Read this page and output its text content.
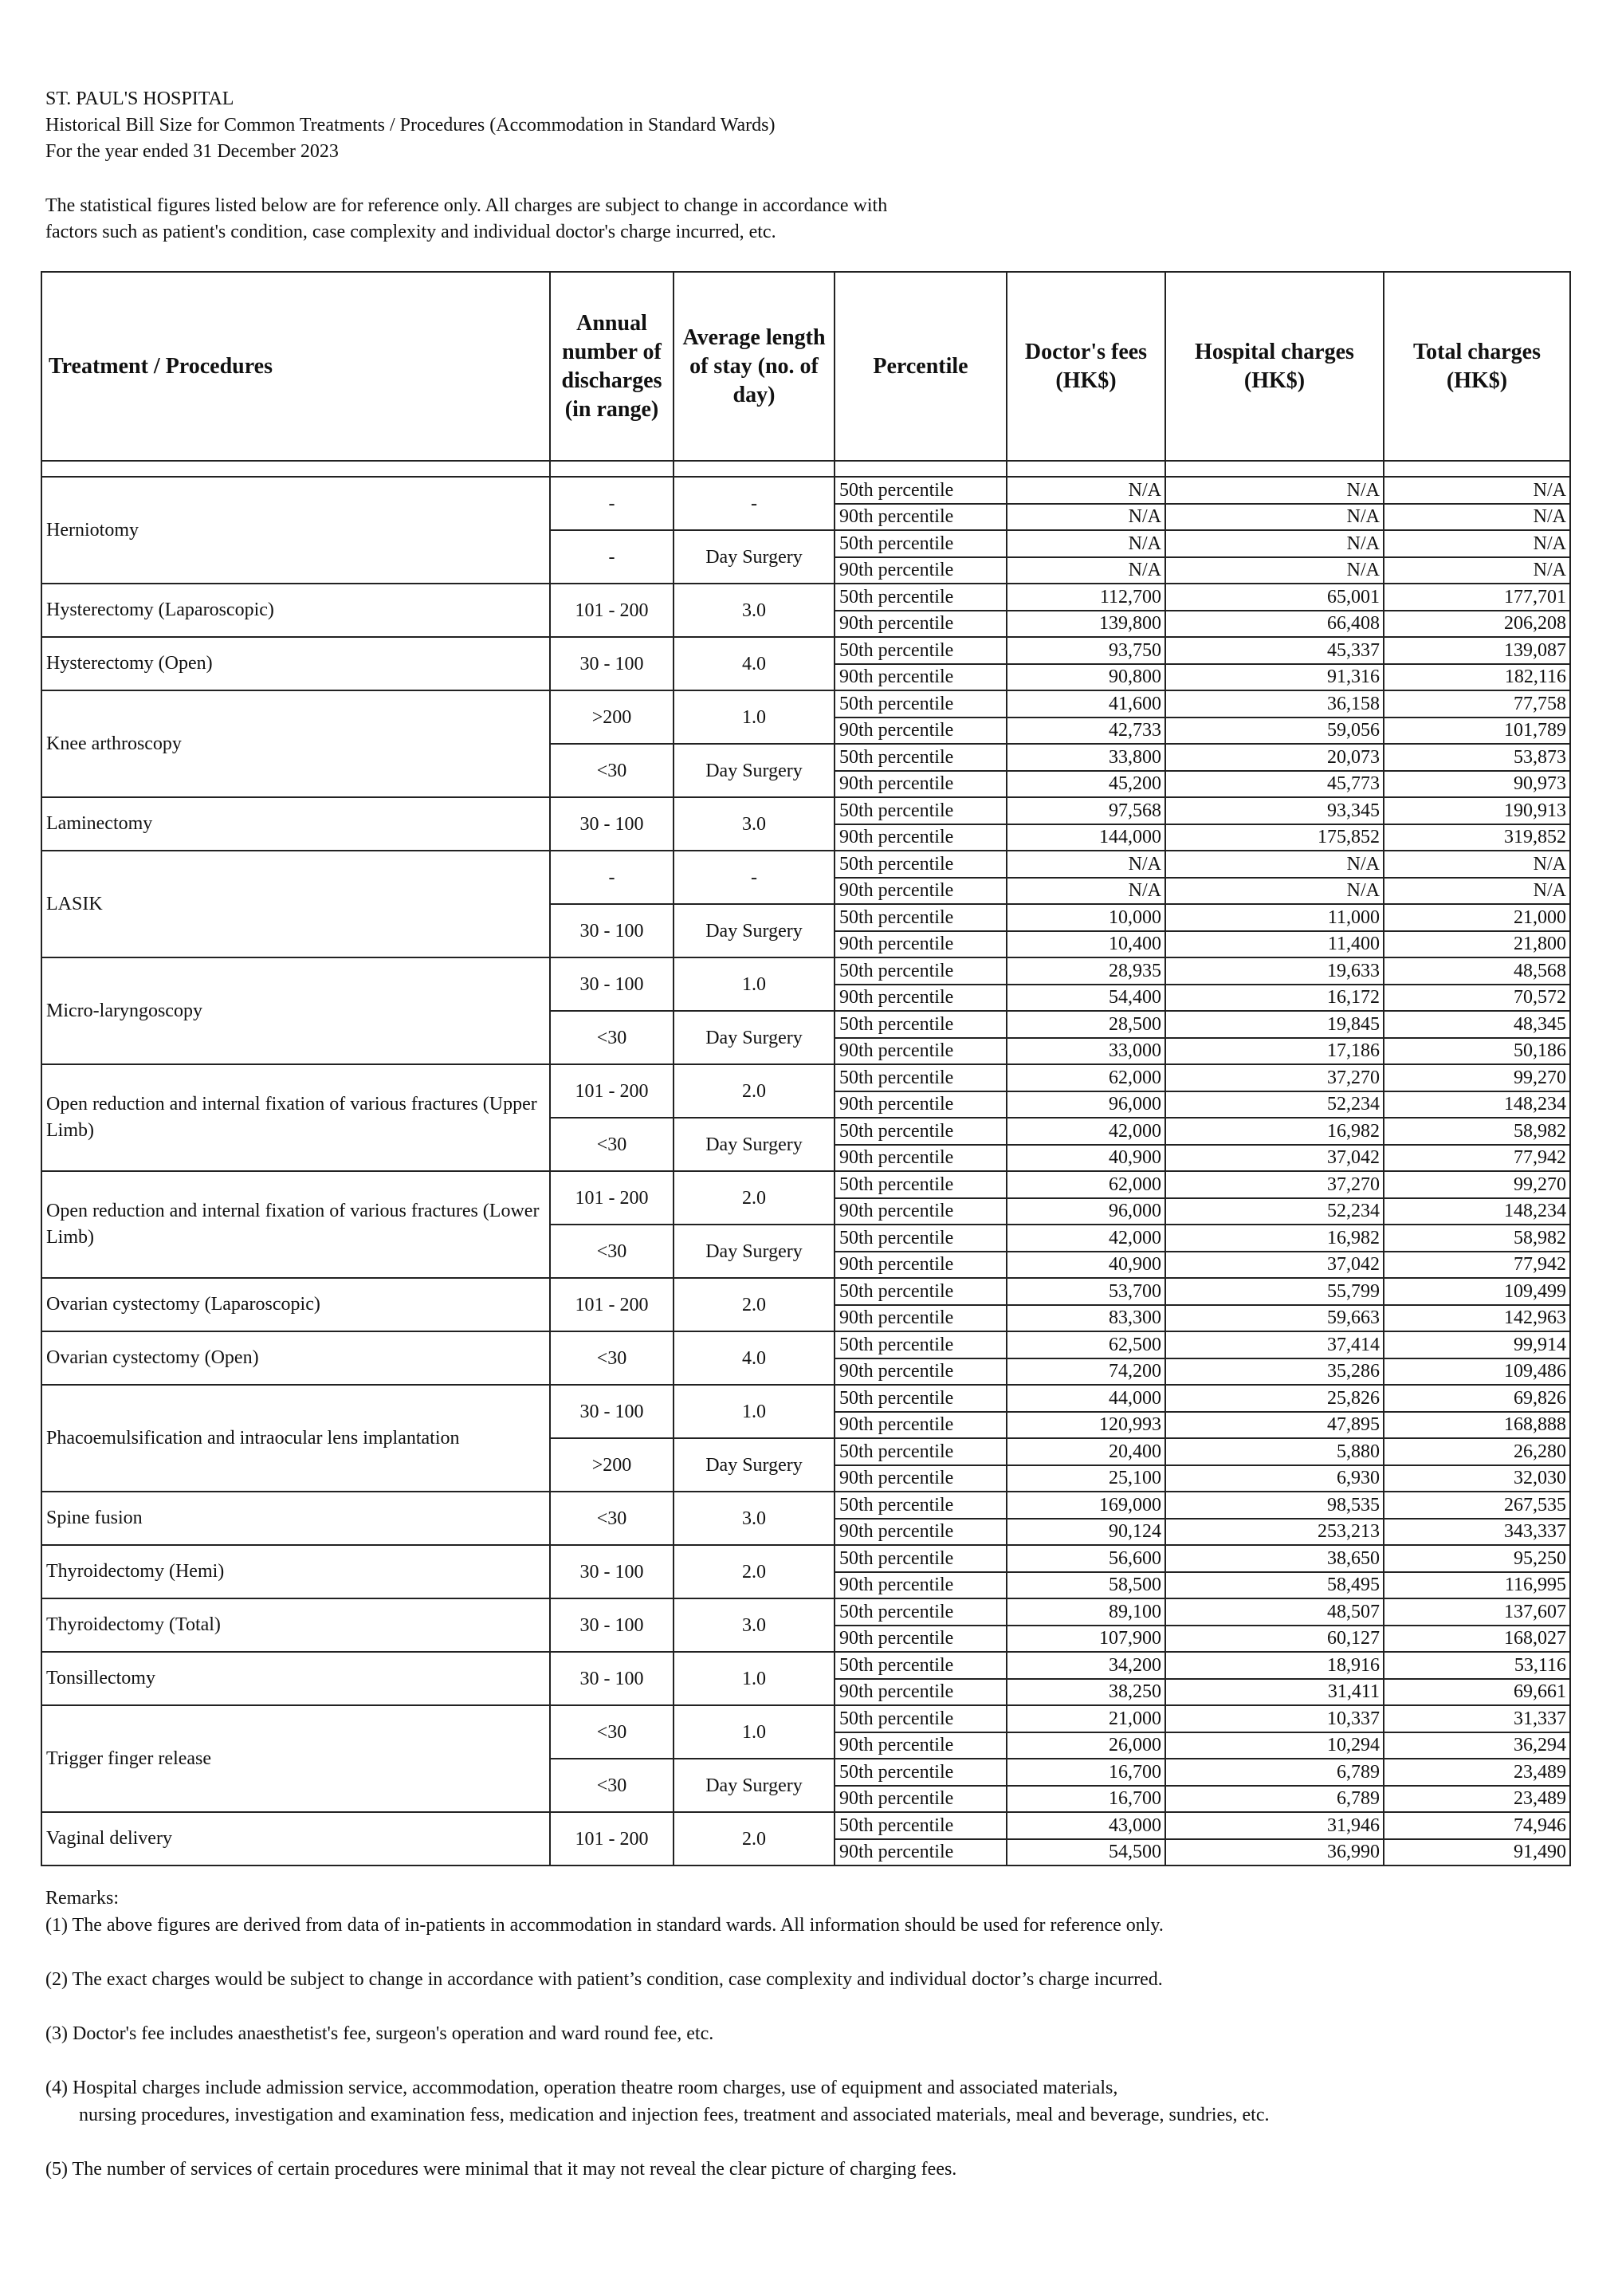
ST. PAUL'S HOSPITAL
Historical Bill Size for Common Treatments / Procedures (Accommodation in Standard Wards)
For the year ended 31 December 2023
The statistical figures listed below are for reference only. All charges are subject to change in accordance with
factors such as patient's condition, case complexity and individual doctor's charge incurred, etc.
Treatment / Procedures	Annual number of discharges (in range)	Average length of stay (no. of day)	Percentile	Doctor's fees (HK$)	Hospital charges (HK$)	Total charges (HK$)

Herniotomy	-	-	50th percentile	N/A	N/A	N/A
			90th percentile	N/A	N/A	N/A
	-	Day Surgery	50th percentile	N/A	N/A	N/A
			90th percentile	N/A	N/A	N/A
Hysterectomy (Laparoscopic)	101 - 200	3.0	50th percentile	112,700	65,001	177,701
			90th percentile	139,800	66,408	206,208
Hysterectomy (Open)	30 - 100	4.0	50th percentile	93,750	45,337	139,087
			90th percentile	90,800	91,316	182,116
Knee arthroscopy	>200	1.0	50th percentile	41,600	36,158	77,758
			90th percentile	42,733	59,056	101,789
	<30	Day Surgery	50th percentile	33,800	20,073	53,873
			90th percentile	45,200	45,773	90,973
Laminectomy	30 - 100	3.0	50th percentile	97,568	93,345	190,913
			90th percentile	144,000	175,852	319,852
LASIK	-	-	50th percentile	N/A	N/A	N/A
			90th percentile	N/A	N/A	N/A
	30 - 100	Day Surgery	50th percentile	10,000	11,000	21,000
			90th percentile	10,400	11,400	21,800
Micro-laryngoscopy	30 - 100	1.0	50th percentile	28,935	19,633	48,568
			90th percentile	54,400	16,172	70,572
	<30	Day Surgery	50th percentile	28,500	19,845	48,345
			90th percentile	33,000	17,186	50,186
Open reduction and internal fixation of various fractures (Upper Limb)	101 - 200	2.0	50th percentile	62,000	37,270	99,270
			90th percentile	96,000	52,234	148,234
	<30	Day Surgery	50th percentile	42,000	16,982	58,982
			90th percentile	40,900	37,042	77,942
Open reduction and internal fixation of various fractures (Lower Limb)	101 - 200	2.0	50th percentile	62,000	37,270	99,270
			90th percentile	96,000	52,234	148,234
	<30	Day Surgery	50th percentile	42,000	16,982	58,982
			90th percentile	40,900	37,042	77,942
Ovarian cystectomy (Laparoscopic)	101 - 200	2.0	50th percentile	53,700	55,799	109,499
			90th percentile	83,300	59,663	142,963
Ovarian cystectomy (Open)	<30	4.0	50th percentile	62,500	37,414	99,914
			90th percentile	74,200	35,286	109,486
Phacoemulsification and intraocular lens implantation	30 - 100	1.0	50th percentile	44,000	25,826	69,826
			90th percentile	120,993	47,895	168,888
	>200	Day Surgery	50th percentile	20,400	5,880	26,280
			90th percentile	25,100	6,930	32,030
Spine fusion	<30	3.0	50th percentile	169,000	98,535	267,535
			90th percentile	90,124	253,213	343,337
Thyroidectomy (Hemi)	30 - 100	2.0	50th percentile	56,600	38,650	95,250
			90th percentile	58,500	58,495	116,995
Thyroidectomy (Total)	30 - 100	3.0	50th percentile	89,100	48,507	137,607
			90th percentile	107,900	60,127	168,027
Tonsillectomy	30 - 100	1.0	50th percentile	34,200	18,916	53,116
			90th percentile	38,250	31,411	69,661
Trigger finger release	<30	1.0	50th percentile	21,000	10,337	31,337
			90th percentile	26,000	10,294	36,294
	<30	Day Surgery	50th percentile	16,700	6,789	23,489
			90th percentile	16,700	6,789	23,489
Vaginal delivery	101 - 200	2.0	50th percentile	43,000	31,946	74,946
			90th percentile	54,500	36,990	91,490

Remarks:

(1) The above figures are derived from data of in-patients in accommodation in standard wards. All information should be used for reference only.

(2) The exact charges would be subject to change in accordance with patient’s condition, case complexity and individual doctor’s charge incurred.

(3) Doctor's fee includes anaesthetist's fee, surgeon's operation and ward round fee, etc.

(4) Hospital charges include admission service, accommodation, operation theatre room charges, use of equipment and associated materials,

nursing procedures, investigation and examination fess, medication and injection fees, treatment and associated materials, meal and beverage, sundries, etc.

(5) The number of services of certain procedures were minimal that it may not reveal the clear picture of charging fees.
